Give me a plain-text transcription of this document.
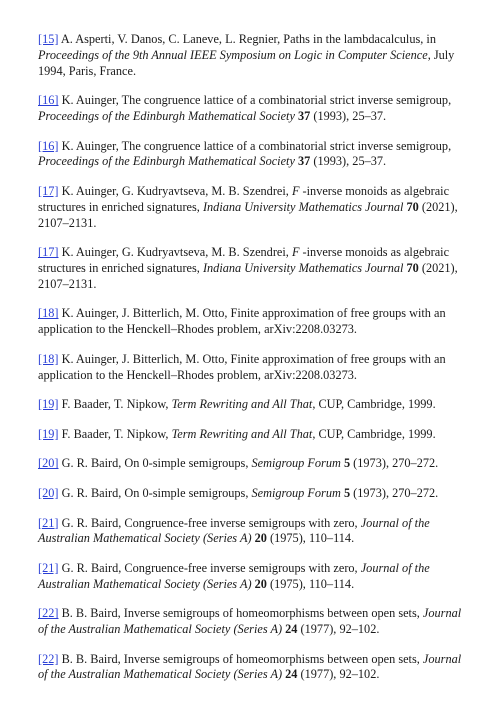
[15] A. Asperti, V. Danos, C. Laneve, L. Regnier, Paths in the lambdacalculus, in Proceedings of the 9th Annual IEEE Symposium on Logic in Computer Science, July 1994, Paris, France.

[16] K. Auinger, The congruence lattice of a combinatorial strict inverse semigroup, Proceedings of the Edinburgh Mathematical Society 37 (1993), 25–37.

[16] K. Auinger, The congruence lattice of a combinatorial strict inverse semigroup, Proceedings of the Edinburgh Mathematical Society 37 (1993), 25–37.

[17] K. Auinger, G. Kudryavtseva, M. B. Szendrei, F -inverse monoids as algebraic structures in enriched signatures, Indiana University Mathematics Journal 70 (2021), 2107–2131.

[17] K. Auinger, G. Kudryavtseva, M. B. Szendrei, F -inverse monoids as algebraic structures in enriched signatures, Indiana University Mathematics Journal 70 (2021), 2107–2131.

[18] K. Auinger, J. Bitterlich, M. Otto, Finite approximation of free groups with an application to the Henckell–Rhodes problem, arXiv:2208.03273.

[18] K. Auinger, J. Bitterlich, M. Otto, Finite approximation of free groups with an application to the Henckell–Rhodes problem, arXiv:2208.03273.

[19] F. Baader, T. Nipkow, Term Rewriting and All That, CUP, Cambridge, 1999.

[19] F. Baader, T. Nipkow, Term Rewriting and All That, CUP, Cambridge, 1999.

[20] G. R. Baird, On 0-simple semigroups, Semigroup Forum 5 (1973), 270–272.

[20] G. R. Baird, On 0-simple semigroups, Semigroup Forum 5 (1973), 270–272.

[21] G. R. Baird, Congruence-free inverse semigroups with zero, Journal of the Australian Mathematical Society (Series A) 20 (1975), 110–114.

[21] G. R. Baird, Congruence-free inverse semigroups with zero, Journal of the Australian Mathematical Society (Series A) 20 (1975), 110–114.

[22] B. B. Baird, Inverse semigroups of homeomorphisms between open sets, Journal of the Australian Mathematical Society (Series A) 24 (1977), 92–102.

[22] B. B. Baird, Inverse semigroups of homeomorphisms between open sets, Journal of the Australian Mathematical Society (Series A) 24 (1977), 92–102.
